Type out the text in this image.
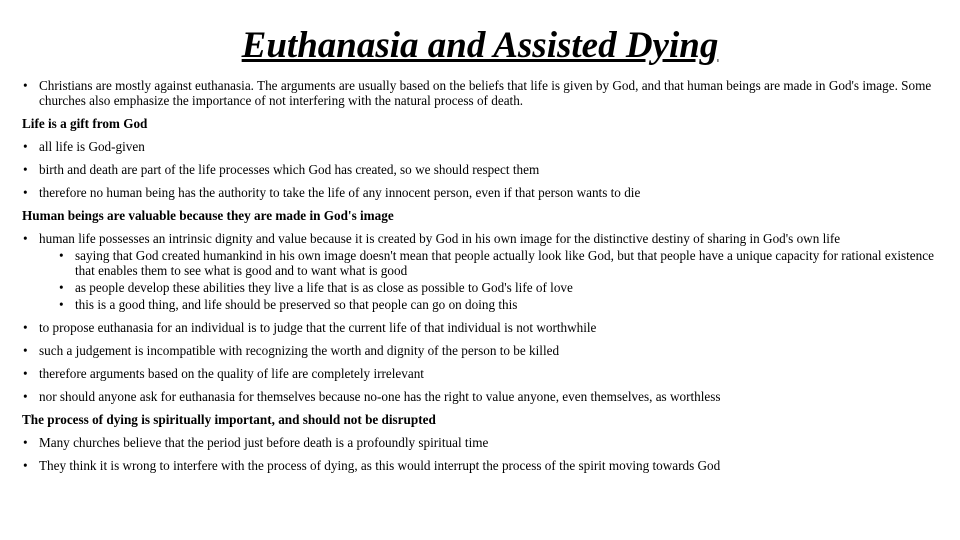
Euthanasia and Assisted Dying
• Christians are mostly against euthanasia. The arguments are usually based on the beliefs that life is given by God, and that human beings are made in God's image. Some churches also emphasize the importance of not interfering with the natural process of death.
Life is a gift from God
• all life is God-given
• birth and death are part of the life processes which God has created, so we should respect them
• therefore no human being has the authority to take the life of any innocent person, even if that person wants to die
Human beings are valuable because they are made in God's image
• human life possesses an intrinsic dignity and value because it is created by God in his own image for the distinctive destiny of sharing in God's own life
• saying that God created humankind in his own image doesn't mean that people actually look like God, but that people have a unique capacity for rational existence that enables them to see what is good and to want what is good
• as people develop these abilities they live a life that is as close as possible to God's life of love
• this is a good thing, and life should be preserved so that people can go on doing this
• to propose euthanasia for an individual is to judge that the current life of that individual is not worthwhile
• such a judgement is incompatible with recognizing the worth and dignity of the person to be killed
• therefore arguments based on the quality of life are completely irrelevant
• nor should anyone ask for euthanasia for themselves because no-one has the right to value anyone, even themselves, as worthless
The process of dying is spiritually important, and should not be disrupted
• Many churches believe that the period just before death is a profoundly spiritual time
• They think it is wrong to interfere with the process of dying, as this would interrupt the process of the spirit moving towards God
